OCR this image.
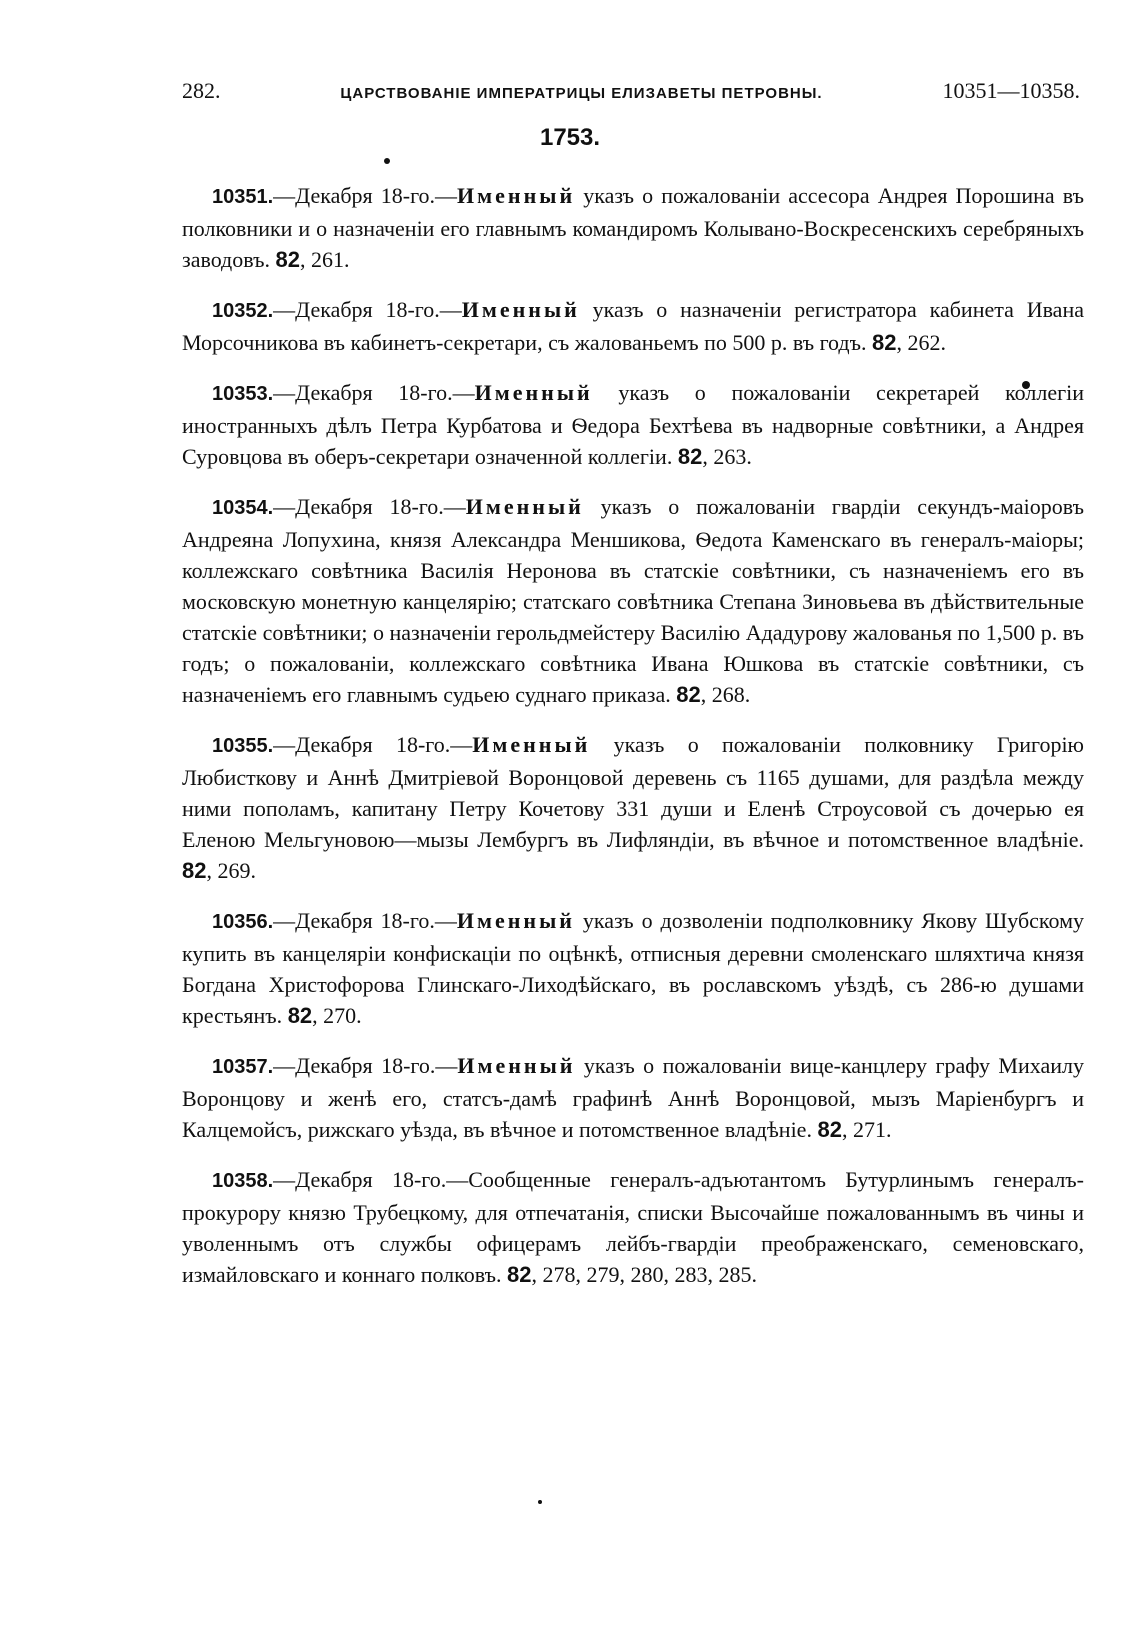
282.	ЦАРСТВОВАНІЕ ИМПЕРАТРИЦЫ ЕЛИЗАВЕТЫ ПЕТРОВНЫ.	10351—10358.
1753.

10351.—Декабря 18-го.—Именный указъ о пожалованіи ассесора Андрея Порошина въ полковники и о назначеніи его главнымъ командиромъ Колывано-Воскресенскихъ серебряныхъ заводовъ. 82, 261.

10352.—Декабря 18-го.—Именный указъ о назначеніи регистратора кабинета Ивана Морсочникова въ кабинетъ-секретари, съ жалованьемъ по 500 р. въ годъ. 82, 262.

10353.—Декабря 18-го.—Именный указъ о пожалованіи секретарей коллегіи иностранныхъ дѣлъ Петра Курбатова и Ѳедора Бехтѣева въ надворные совѣтники, а Андрея Суровцова въ оберъ-секретари означенной коллегіи. 82, 263.

10354.—Декабря 18-го.—Именный указъ о пожалованіи гвардіи секундъ-маіоровъ Андреяна Лопухина, князя Александра Меншикова, Ѳедота Каменскаго въ генералъ-маіоры; коллежскаго совѣтника Василія Неронова въ статскіе совѣтники, съ назначеніемъ его въ московскую монетную канцелярію; статскаго совѣтника Степана Зиновьева въ дѣйствительные статскіе совѣтники; о назначеніи герольдмейстеру Василію Ададурову жалованья по 1,500 р. въ годъ; о пожалованіи, коллежскаго совѣтника Ивана Юшкова въ статскіе совѣтники, съ назначеніемъ его главнымъ судьею суднаго приказа. 82, 268.

10355.—Декабря 18-го.—Именный указъ о пожалованіи полковнику Григорію Любисткову и Аннѣ Дмитріевой Воронцовой деревень съ 1165 душами, для раздѣла между ними пополамъ, капитану Петру Кочетову 331 души и Еленѣ Строусовой съ дочерью ея Еленою Мельгуновою—мызы Лембургъ въ Лифляндіи, въ вѣчное и потомственное владѣніе. 82, 269.

10356.—Декабря 18-го.—Именный указъ о дозволеніи подполковнику Якову Шубскому купить въ канцеляріи конфискаціи по оцѣнкѣ, отписныя деревни смоленскаго шляхтича князя Богдана Христофорова Глинскаго-Лиходѣйскаго, въ рославскомъ уѣздѣ, съ 286-ю душами крестьянъ. 82, 270.

10357.—Декабря 18-го.—Именный указъ о пожалованіи вице-канцлеру графу Михаилу Воронцову и женѣ его, статсъ-дамѣ графинѣ Аннѣ Воронцовой, мызъ Маріенбургъ и Калцемойсъ, рижскаго уѣзда, въ вѣчное и потомственное владѣніе. 82, 271.

10358.—Декабря 18-го.—Сообщенные генералъ-адъютантомъ Бутурлинымъ генералъ-прокурору князю Трубецкому, для отпечатанія, списки Высочайше пожалованнымъ въ чины и уволеннымъ отъ службы офицерамъ лейбъ-гвардіи преображенскаго, семеновскаго, измайловскаго и коннаго полковъ. 82, 278, 279, 280, 283, 285.
